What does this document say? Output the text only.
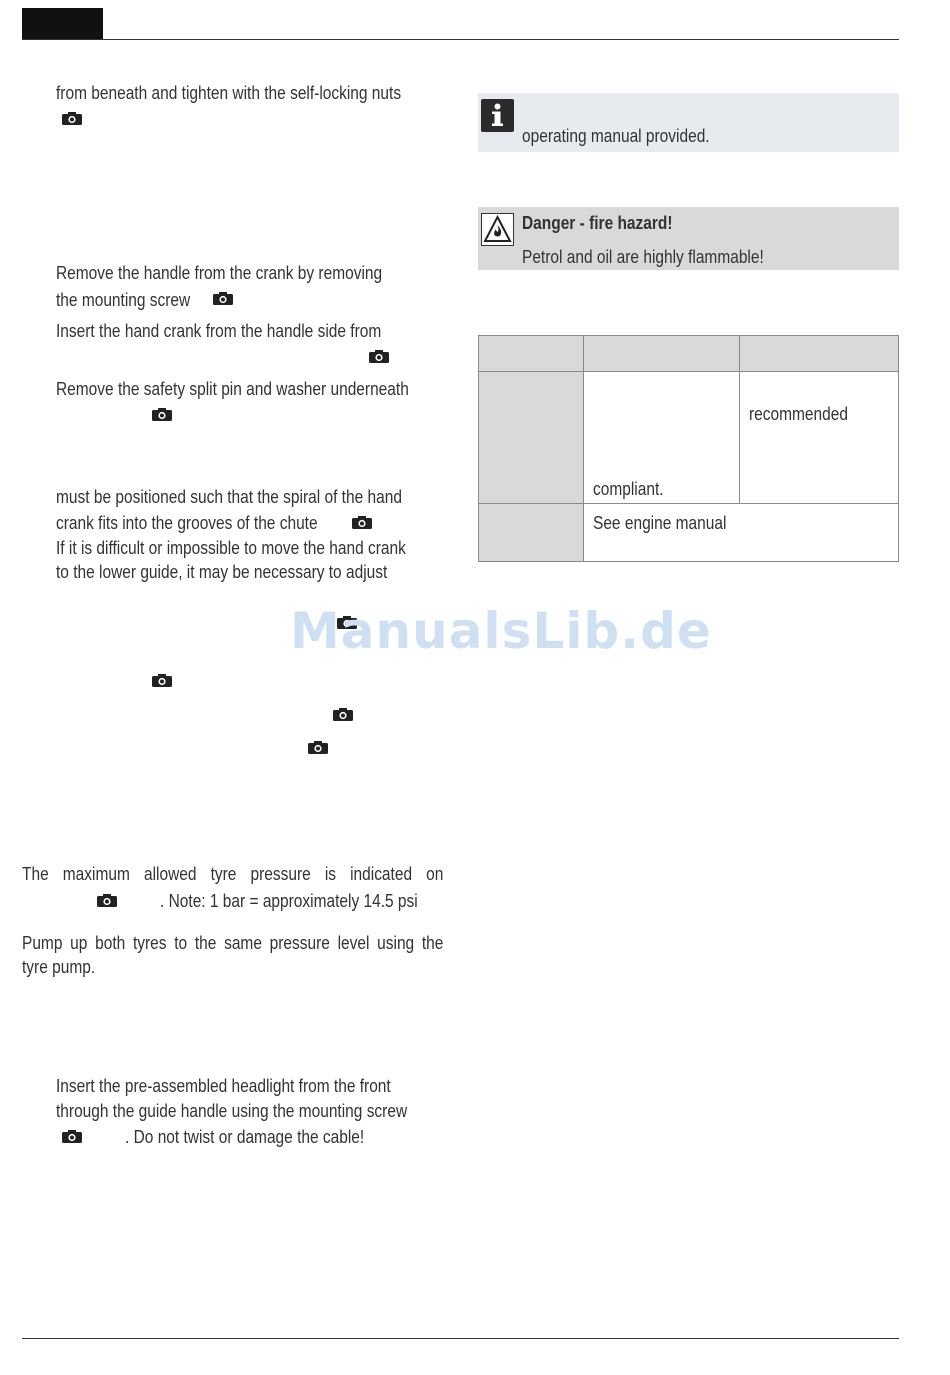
from beneath and tighten with the self-locking nuts
Remove the handle from the crank by removing
the mounting screw
Insert the hand crank from the handle side from
Remove the safety split pin and washer underneath
must be positioned such that the spiral of the hand
crank fits into the grooves of the chute
If it is difficult or impossible to move the hand crank
to the lower guide, it may be necessary to adjust
The maximum allowed tyre pressure is indicated on
. Note: 1 bar = approximately 14.5 psi
Pump up both tyres to the same pressure level using the
tyre pump.
Insert the pre-assembled headlight from the front
through the guide handle using the mounting screw
. Do not twist or damage the cable!
operating manual provided.
Danger - fire hazard!
Petrol and oil are highly flammable!

	compliant.	recommended

	See engine manual	
ManualsLib.de
